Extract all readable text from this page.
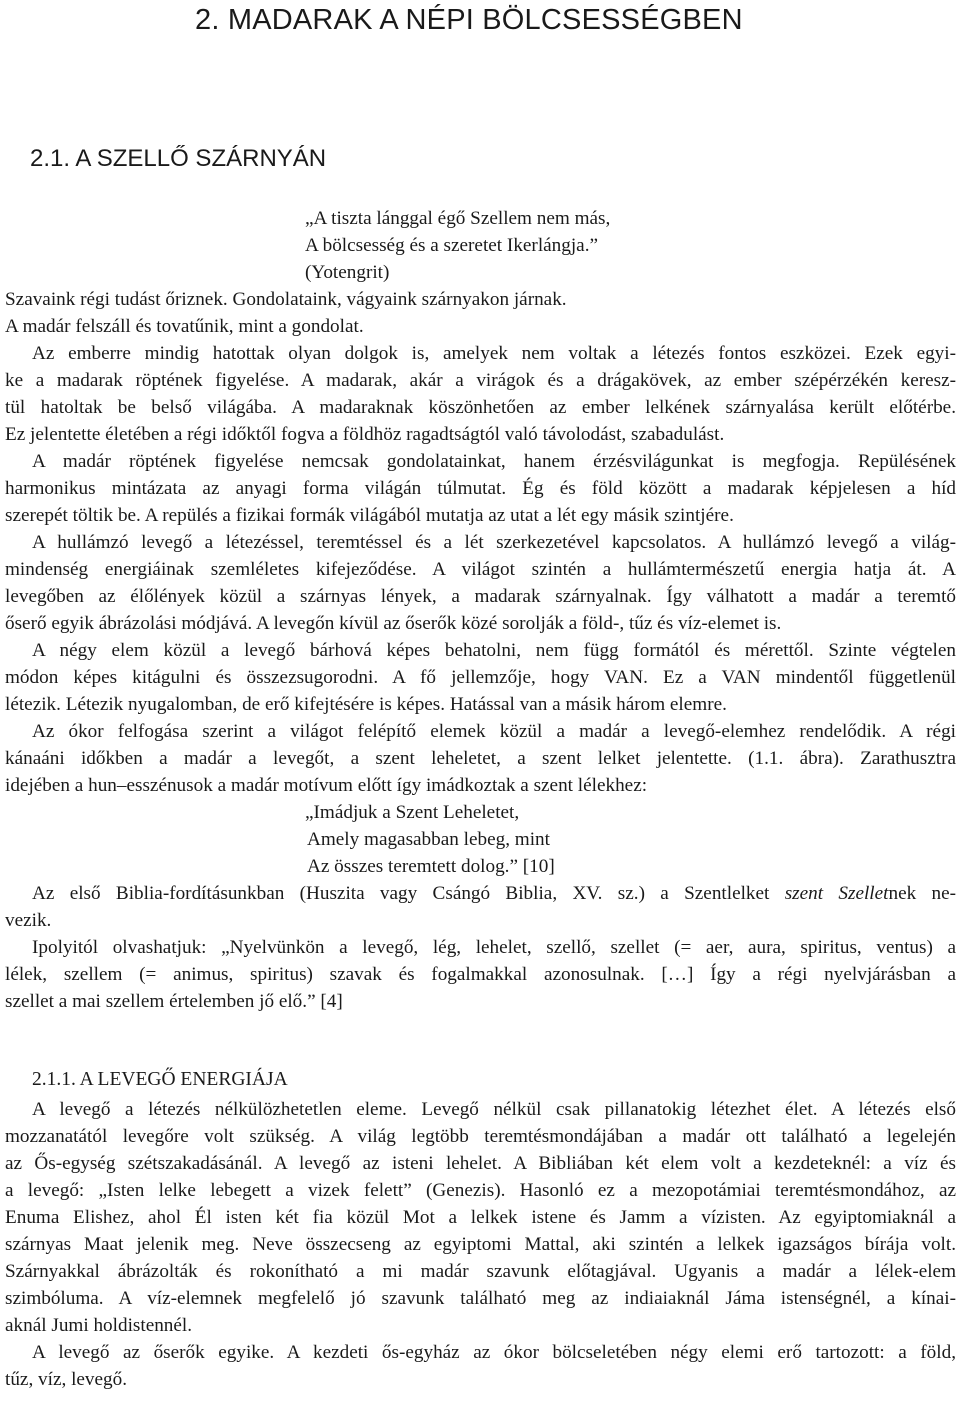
2. MADARAK A NÉPI BÖLCSESSÉGBEN
2.1. A SZELLŐ SZÁRNYÁN
„A tiszta lánggal égő Szellem nem más,
A bölcsesség és a szeretet Ikerlángja.”
(Yotengrit)
Szavaink régi tudást őriznek. Gondolataink, vágyaink szárnyakon járnak.
A madár felszáll és tovatűnik, mint a gondolat.
Az emberre mindig hatottak olyan dolgok is, amelyek nem voltak a létezés fontos eszközei. Ezek egyi-
ke a madarak röptének figyelése. A madarak, akár a virágok és a drágakövek, az ember szépérzékén keresz-
tül hatoltak be belső világába. A madaraknak köszönhetően az ember lelkének szárnyalása került előtérbe.
Ez jelentette életében a régi időktől fogva a földhöz ragadtságtól való távolodást, szabadulást.
A madár röptének figyelése nemcsak gondolatainkat, hanem érzésvilágunkat is megfogja. Repülésének
harmonikus mintázata az anyagi forma világán túlmutat. Ég és föld között a madarak képjelesen a híd
szerepét töltik be. A repülés a fizikai formák világából mutatja az utat a lét egy másik szintjére.
A hullámzó levegő a létezéssel, teremtéssel és a lét szerkezetével kapcsolatos. A hullámzó levegő a világ-
mindenség energiáinak szemléletes kifejeződése. A világot szintén a hullámtermészetű energia hatja át. A
levegőben az élőlények közül a szárnyas lények, a madarak szárnyalnak. Így válhatott a madár a teremtő
őserő egyik ábrázolási módjává. A levegőn kívül az őserők közé sorolják a föld-, tűz és víz-elemet is.
A négy elem közül a levegő bárhová képes behatolni, nem függ formától és mérettől. Szinte végtelen
módon képes kitágulni és összezsugorodni. A fő jellemzője, hogy VAN. Ez a VAN mindentől függetlenül
létezik. Létezik nyugalomban, de erő kifejtésére is képes. Hatással van a másik három elemre.
Az ókor felfogása szerint a világot felépítő elemek közül a madár a levegő-elemhez rendelődik. A régi
kánaáni időkben a madár a levegőt, a szent leheletet, a szent lelket jelentette. (1.1. ábra). Zarathusztra
idejében a hun–esszénusok a madár motívum előtt így imádkoztak a szent lélekhez:
„Imádjuk a Szent Leheletet,
Amely magasabban lebeg, mint
Az összes teremtett dolog.” [10]
Az első Biblia-fordításunkban (Huszita vagy Csángó Biblia, XV. sz.) a Szentlelket szent Szelletnek ne-
vezik.
Ipolyitól olvashatjuk: „Nyelvünkön a levegő, lég, lehelet, szellő, szellet (= aer, aura, spiritus, ventus) a
lélek, szellem (= animus, spiritus) szavak és fogalmakkal azonosulnak. […] Így a régi nyelvjárásban a
szellet a mai szellem értelemben jő elő.” [4]
2.1.1. A LEVEGŐ ENERGIÁJA
A levegő a létezés nélkülözhetetlen eleme. Levegő nélkül csak pillanatokig létezhet élet. A létezés első
mozzanatától levegőre volt szükség. A világ legtöbb teremtésmondájában a madár ott található a legelején
az Ős-egység szétszakadásánál. A levegő az isteni lehelet. A Bibliában két elem volt a kezdeteknél: a víz és
a levegő: „Isten lelke lebegett a vizek felett” (Genezis). Hasonló ez a mezopotámiai teremtésmondához, az
Enuma Elishez, ahol Él isten két fia közül Mot a lelkek istene és Jamm a vízisten. Az egyiptomiaknál a
szárnyas Maat jelenik meg. Neve összecseng az egyiptomi Mattal, aki szintén a lelkek igazságos bírája volt.
Szárnyakkal ábrázolták és rokonítható a mi madár szavunk előtagjával. Ugyanis a madár a lélek-elem
szimbóluma. A víz-elemnek megfelelő jó szavunk található meg az indiaiaknál Jáma istenségnél, a kínai-
aknál Jumi holdistennél.
A levegő az őserők egyike. A kezdeti ős-egyház az ókor bölcseletében négy elemi erő tartozott: a föld,
tűz, víz, levegő.
